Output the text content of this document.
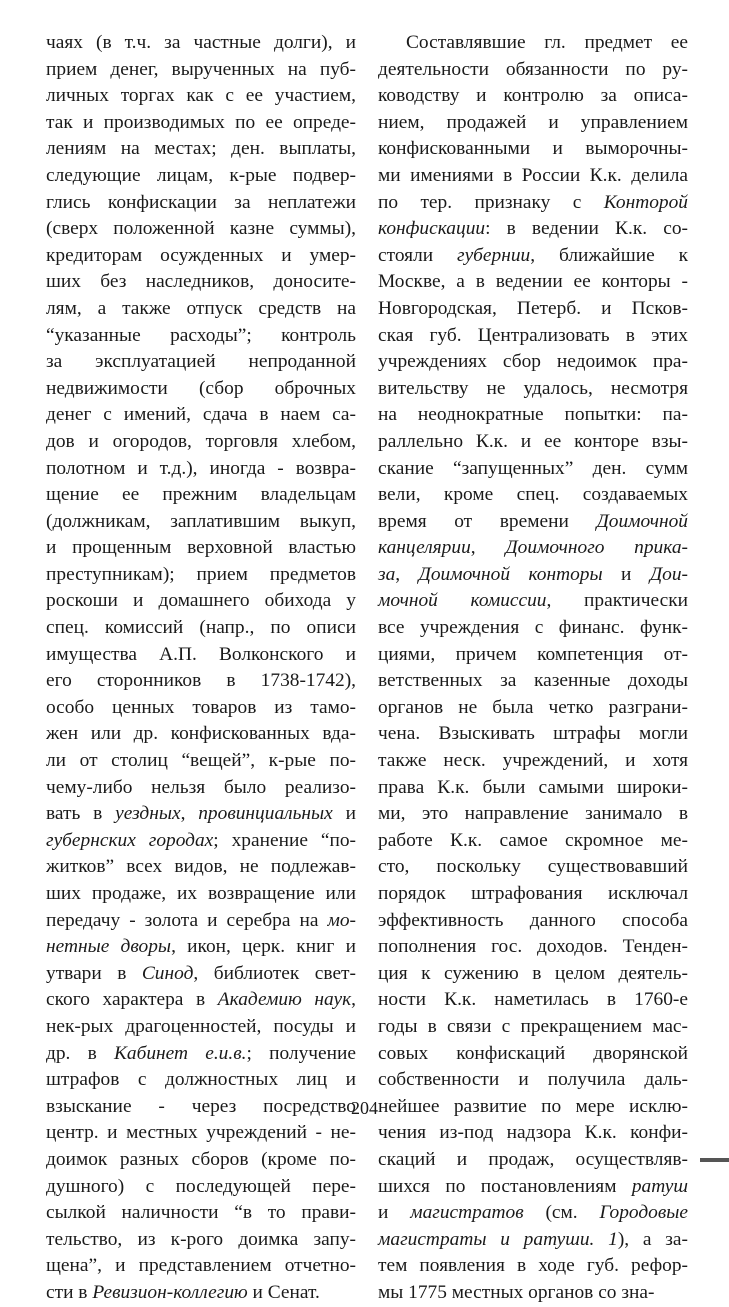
чаях (в т.ч. за частные долги), и
прием денег, вырученных на пуб-
личных торгах как с ее участием,
так и производимых по ее опреде-
лениям на местах; ден. выплаты,
следующие лицам, к-рые подвер-
глись конфискации за неплатежи
(сверх положенной казне суммы),
кредиторам осужденных и умер-
ших без наследников, доносите-
лям, а также отпуск средств на
“указанные расходы”; контроль
за эксплуатацией непроданной
недвижимости (сбор оброчных
денег с имений, сдача в наем са-
дов и огородов, торговля хлебом,
полотном и т.д.), иногда - возвра-
щение ее прежним владельцам
(должникам, заплатившим выкуп,
и прощенным верховной властью
преступникам); прием предметов
роскоши и домашнего обихода у
спец. комиссий (напр., по описи
имущества А.П. Волконского и
его сторонников в 1738-1742),
особо ценных товаров из тамо-
жен или др. конфискованных вда-
ли от столиц “вещей”, к-рые по-
чему-либо нельзя было реализо-
вать в уездных, провинциальных и
губернских городах; хранение “по-
житков” всех видов, не подлежав-
ших продаже, их возвращение или
передачу - золота и серебра на мо-
нетные дворы, икон, церк. книг и
утвари в Синод, библиотек свет-
ского характера в Академию наук,
нек-рых драгоценностей, посуды и
др. в Кабинет е.и.в.; получение
штрафов с должностных лиц и
взыскание - через посредство
центр. и местных учреждений - не-
доимок разных сборов (кроме по-
душного) с последующей пере-
сылкой наличности “в то прави-
тельство, из к-рого доимка запу-
щена”, и представлением отчетно-
сти в Ревизион-коллегию и Сенат.
Составлявшие гл. предмет ее
деятельности обязанности по ру-
ководству и контролю за описа-
нием, продажей и управлением
конфискованными и выморочны-
ми имениями в России К.к. делила
по тер. признаку с Конторой
конфискации: в ведении К.к. со-
стояли губернии, ближайшие к
Москве, а в ведении ее конторы -
Новгородская, Петерб. и Псков-
ская губ. Централизовать в этих
учреждениях сбор недоимок пра-
вительству не удалось, несмотря
на неоднократные попытки: па-
раллельно К.к. и ее конторе взы-
скание “запущенных” ден. сумм
вели, кроме спец. создаваемых
время от времени Доимочной
канцелярии, Доимочного прика-
за, Доимочной конторы и Дои-
мочной комиссии, практически
все учреждения с финанс. функ-
циями, причем компетенция от-
ветственных за казенные доходы
органов не была четко разграни-
чена. Взыскивать штрафы могли
также неск. учреждений, и хотя
права К.к. были самыми широки-
ми, это направление занимало в
работе К.к. самое скромное ме-
сто, поскольку существовавший
порядок штрафования исключал
эффективность данного способа
пополнения гос. доходов. Тенден-
ция к сужению в целом деятель-
ности К.к. наметилась в 1760-е
годы в связи с прекращением мас-
совых конфискаций дворянской
собственности и получила даль-
нейшее развитие по мере исклю-
чения из-под надзора К.к. конфи-
скаций и продаж, осуществляв-
шихся по постановлениям ратуш
и магистратов (см. Городовые
магистраты и ратуши. 1), а за-
тем появления в ходе губ. рефор-
мы 1775 местных органов со зна-
204
